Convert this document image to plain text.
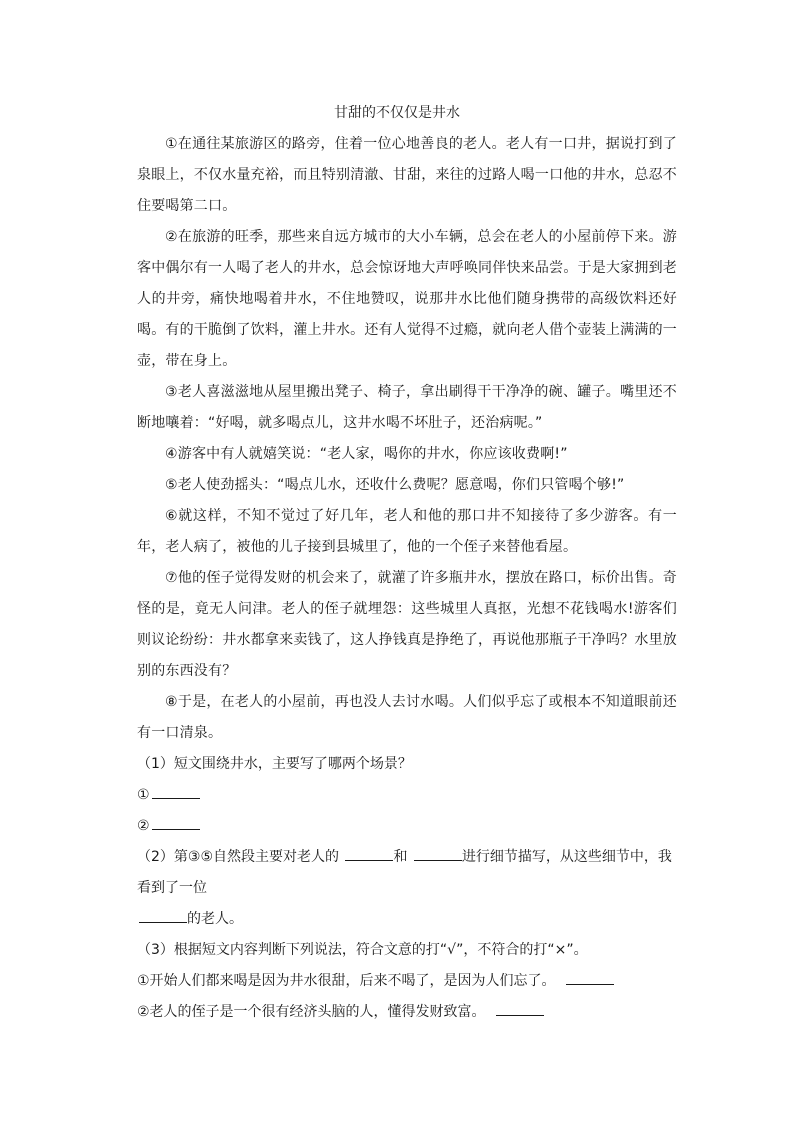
甘甜的不仅仅是井水

①在通往某旅游区的路旁，住着一位心地善良的老人。老人有一口井，据说打到了泉眼上，不仅水量充裕，而且特别清澈、甘甜，来往的过路人喝一口他的井水，总忍不住要喝第二口。

②在旅游的旺季，那些来自远方城市的大小车辆，总会在老人的小屋前停下来。游客中偶尔有一人喝了老人的井水，总会惊讶地大声呼唤同伴快来品尝。于是大家拥到老人的井旁，痛快地喝着井水，不住地赞叹，说那井水比他们随身携带的高级饮料还好喝。有的干脆倒了饮料，灌上井水。还有人觉得不过瘾，就向老人借个壶装上满满的一壶，带在身上。

③老人喜滋滋地从屋里搬出凳子、椅子，拿出刷得干干净净的碗、罐子。嘴里还不断地嚷着：“好喝，就多喝点儿，这井水喝不坏肚子，还治病呢。”

④游客中有人就嬉笑说：“老人家，喝你的井水，你应该收费啊!”

⑤老人使劲摇头：“喝点儿水，还收什么费呢？愿意喝，你们只管喝个够!”

⑥就这样，不知不觉过了好几年，老人和他的那口井不知接待了多少游客。有一年，老人病了，被他的儿子接到县城里了，他的一个侄子来替他看屋。

⑦他的侄子觉得发财的机会来了，就灌了许多瓶井水，摆放在路口，标价出售。奇怪的是，竟无人问津。老人的侄子就埋怨：这些城里人真抠，光想不花钱喝水!游客们则议论纷纷：井水都拿来卖钱了，这人挣钱真是挣绝了，再说他那瓶子干净吗？水里放别的东西没有？

⑧于是，在老人的小屋前，再也没人去讨水喝。人们似乎忘了或根本不知道眼前还有一口清泉。

（1）短文围绕井水，主要写了哪两个场景？

①

②

（2）第③⑤自然段主要对老人的	和	进行细节描写，从这些细节中，我看到了一位
的老人。

（3）根据短文内容判断下列说法，符合文意的打“√”，不符合的打“×”。

①开始人们都来喝是因为井水很甜，后来不喝了，是因为人们忘了。

②老人的侄子是一个很有经济头脑的人，懂得发财致富。
